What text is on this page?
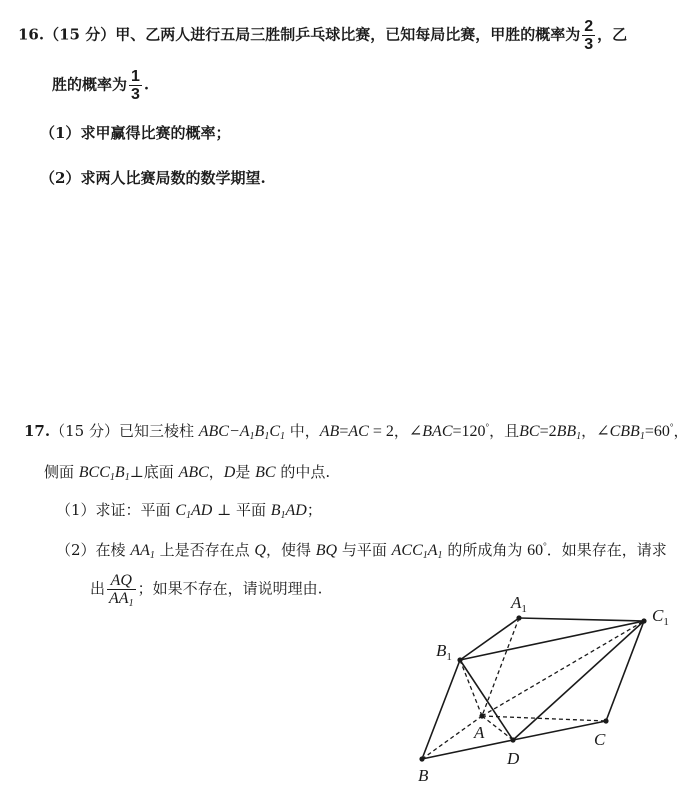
16.（15 分）甲、乙两人进行五局三胜制乒乓球比赛，已知每局比赛，甲胜的概率为 $\frac{2}{3}$ ，乙
胜的概率为 $\frac{1}{3}$ .
（1）求甲赢得比赛的概率；
（2）求两人比赛局数的数学期望.
17.（15 分）已知三棱柱 $ABC-A_1B_1C_1$ 中，AB=AC = 2，∠BAC=120°，且$BC=2BB_1$，$\angle CBB_1=60^\circ$，
侧面 $BCC_1B_1\perp$底面 ABC，D是 BC 的中点.
（1）求证：平面 $C_1AD$ ⊥ 平面 $B_1AD$；
（2）在棱 $AA_1$ 上是否存在点 Q，使得 BQ 与平面 $ACC_1A_1$ 的所成角为 60°．如果存在，请求
出 $\frac{AQ}{AA_1}$ ；如果不存在，请说明理由.
$A_1$	$C_1$
$B_1$
A	C
D
B
